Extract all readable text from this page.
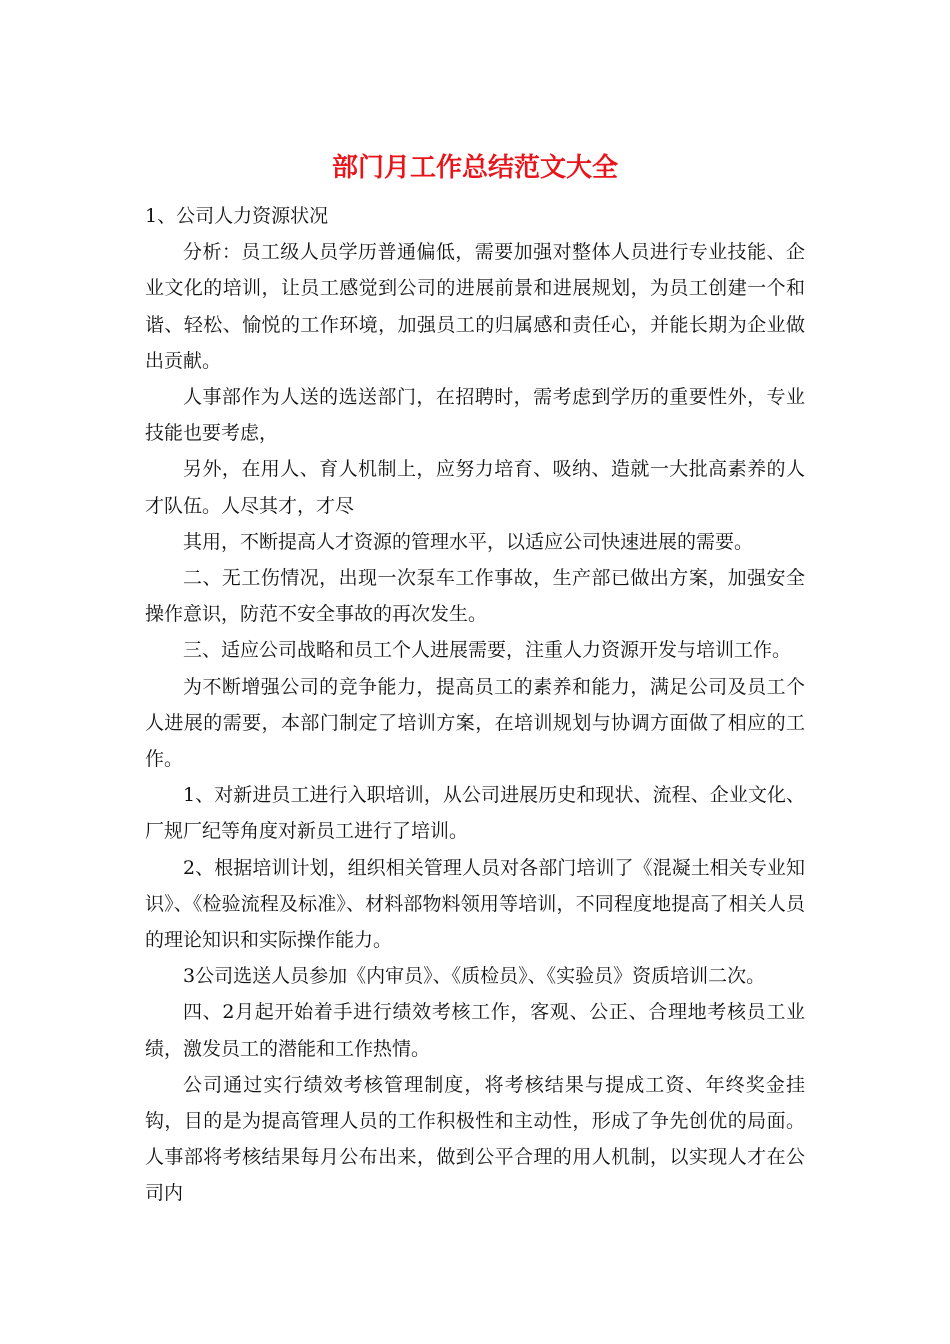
部门月工作总结范文大全

1、公司人力资源状况

分析：员工级人员学历普通偏低，需要加强对整体人员进行专业技能、企业文化的培训，让员工感觉到公司的进展前景和进展规划，为员工创建一个和谐、轻松、愉悦的工作环境，加强员工的归属感和责任心，并能长期为企业做出贡献。

人事部作为人送的选送部门，在招聘时，需考虑到学历的重要性外，专业技能也要考虑，

另外，在用人、育人机制上，应努力培育、吸纳、造就一大批高素养的人才队伍。人尽其才，才尽

其用，不断提高人才资源的管理水平，以适应公司快速进展的需要。

二、无工伤情况，出现一次泵车工作事故，生产部已做出方案，加强安全操作意识，防范不安全事故的再次发生。

三、适应公司战略和员工个人进展需要，注重人力资源开发与培训工作。

为不断增强公司的竞争能力，提高员工的素养和能力，满足公司及员工个人进展的需要，本部门制定了培训方案，在培训规划与协调方面做了相应的工作。

1、对新进员工进行入职培训，从公司进展历史和现状、流程、企业文化、厂规厂纪等角度对新员工进行了培训。

2、根据培训计划，组织相关管理人员对各部门培训了《混凝土相关专业知识》、《检验流程及标准》、材料部物料领用等培训，不同程度地提高了相关人员的理论知识和实际操作能力。

3公司选送人员参加《内审员》、《质检员》、《实验员》资质培训二次。

四、2月起开始着手进行绩效考核工作，客观、公正、合理地考核员工业绩，激发员工的潜能和工作热情。

公司通过实行绩效考核管理制度，将考核结果与提成工资、年终奖金挂钩，目的是为提高管理人员的工作积极性和主动性，形成了争先创优的局面。人事部将考核结果每月公布出来，做到公平合理的用人机制，以实现人才在公司内
